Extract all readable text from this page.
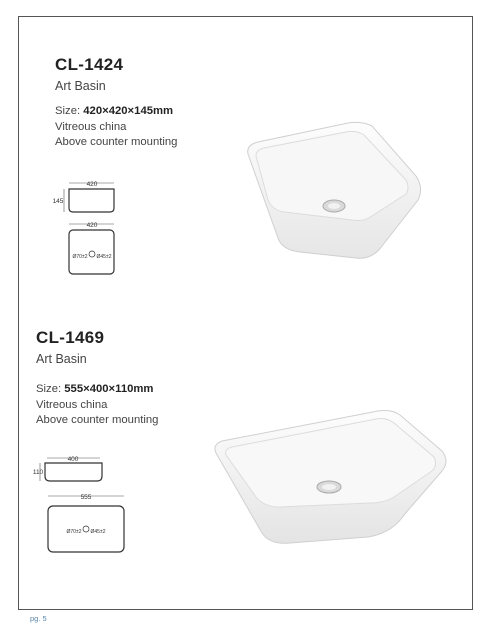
CL-1424
Art Basin
Size: 420×420×145mm
Vitreous china
Above counter mounting
420
145
420
Ø70±2 Ø45±2
CL-1469
Art Basin
Size: 555×400×110mm
Vitreous china
Above counter mounting
400
110
555
Ø70±2 Ø45±2
pg. 5
